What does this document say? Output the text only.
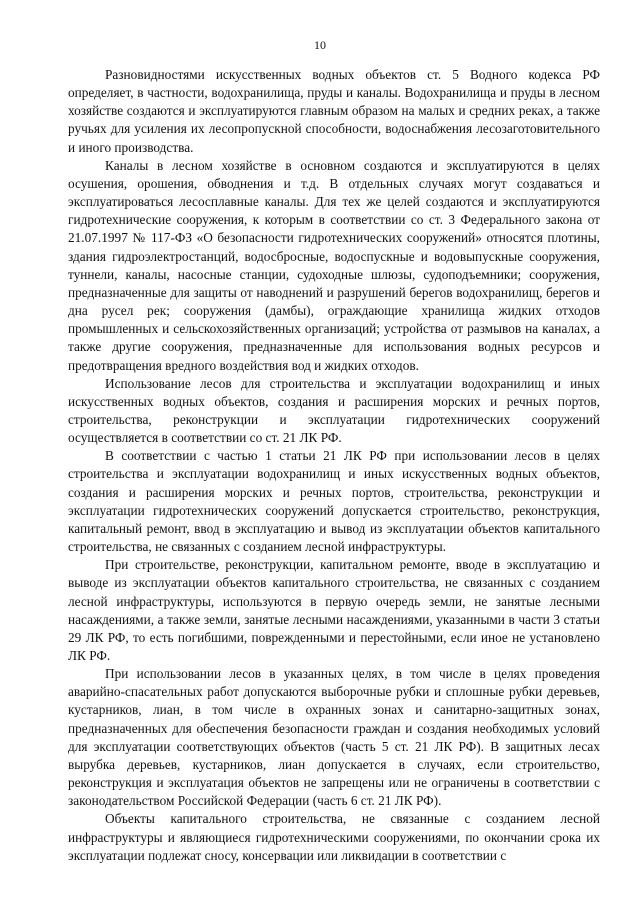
10

Разновидностями искусственных водных объектов ст. 5 Водного кодекса РФ определяет, в частности, водохранилища, пруды и каналы. Водохранилища и пруды в лесном хозяйстве создаются и эксплуатируются главным образом на малых и средних реках, а также ручьях для усиления их лесопропускной способности, водоснабжения лесозаготовительного и иного производства.

Каналы в лесном хозяйстве в основном создаются и эксплуатируются в целях осушения, орошения, обводнения и т.д. В отдельных случаях могут создаваться и эксплуатироваться лесосплавные каналы. Для тех же целей создаются и эксплуатируются гидротехнические сооружения, к которым в соответствии со ст. 3 Федерального закона от 21.07.1997 № 117-ФЗ «О безопасности гидротехнических сооружений» относятся плотины, здания гидроэлектростанций, водосбросные, водоспускные и водовыпускные сооружения, туннели, каналы, насосные станции, судоходные шлюзы, судоподъемники; сооружения, предназначенные для защиты от наводнений и разрушений берегов водохранилищ, берегов и дна русел рек; сооружения (дамбы), ограждающие хранилища жидких отходов промышленных и сельскохозяйственных организаций; устройства от размывов на каналах, а также другие сооружения, предназначенные для использования водных ресурсов и предотвращения вредного воздействия вод и жидких отходов.

Использование лесов для строительства и эксплуатации водохранилищ и иных искусственных водных объектов, создания и расширения морских и речных портов, строительства, реконструкции и эксплуатации гидротехнических сооружений осуществляется в соответствии со ст. 21 ЛК РФ.

В соответствии с частью 1 статьи 21 ЛК РФ при использовании лесов в целях строительства и эксплуатации водохранилищ и иных искусственных водных объектов, создания и расширения морских и речных портов, строительства, реконструкции и эксплуатации гидротехнических сооружений допускается строительство, реконструкция, капитальный ремонт, ввод в эксплуатацию и вывод из эксплуатации объектов капитального строительства, не связанных с созданием лесной инфраструктуры.

При строительстве, реконструкции, капитальном ремонте, вводе в эксплуатацию и выводе из эксплуатации объектов капитального строительства, не связанных с созданием лесной инфраструктуры, используются в первую очередь земли, не занятые лесными насаждениями, а также земли, занятые лесными насаждениями, указанными в части 3 статьи 29 ЛК РФ, то есть погибшими, поврежденными и перестойными, если иное не установлено ЛК РФ.

При использовании лесов в указанных целях, в том числе в целях проведения аварийно-спасательных работ допускаются выборочные рубки и сплошные рубки деревьев, кустарников, лиан, в том числе в охранных зонах и санитарно-защитных зонах, предназначенных для обеспечения безопасности граждан и создания необходимых условий для эксплуатации соответствующих объектов (часть 5 ст. 21 ЛК РФ). В защитных лесах вырубка деревьев, кустарников, лиан допускается в случаях, если строительство, реконструкция и эксплуатация объектов не запрещены или не ограничены в соответствии с законодательством Российской Федерации (часть 6 ст. 21 ЛК РФ).

Объекты капитального строительства, не связанные с созданием лесной инфраструктуры и являющиеся гидротехническими сооружениями, по окончании срока их эксплуатации подлежат сносу, консервации или ликвидации в соответствии с
